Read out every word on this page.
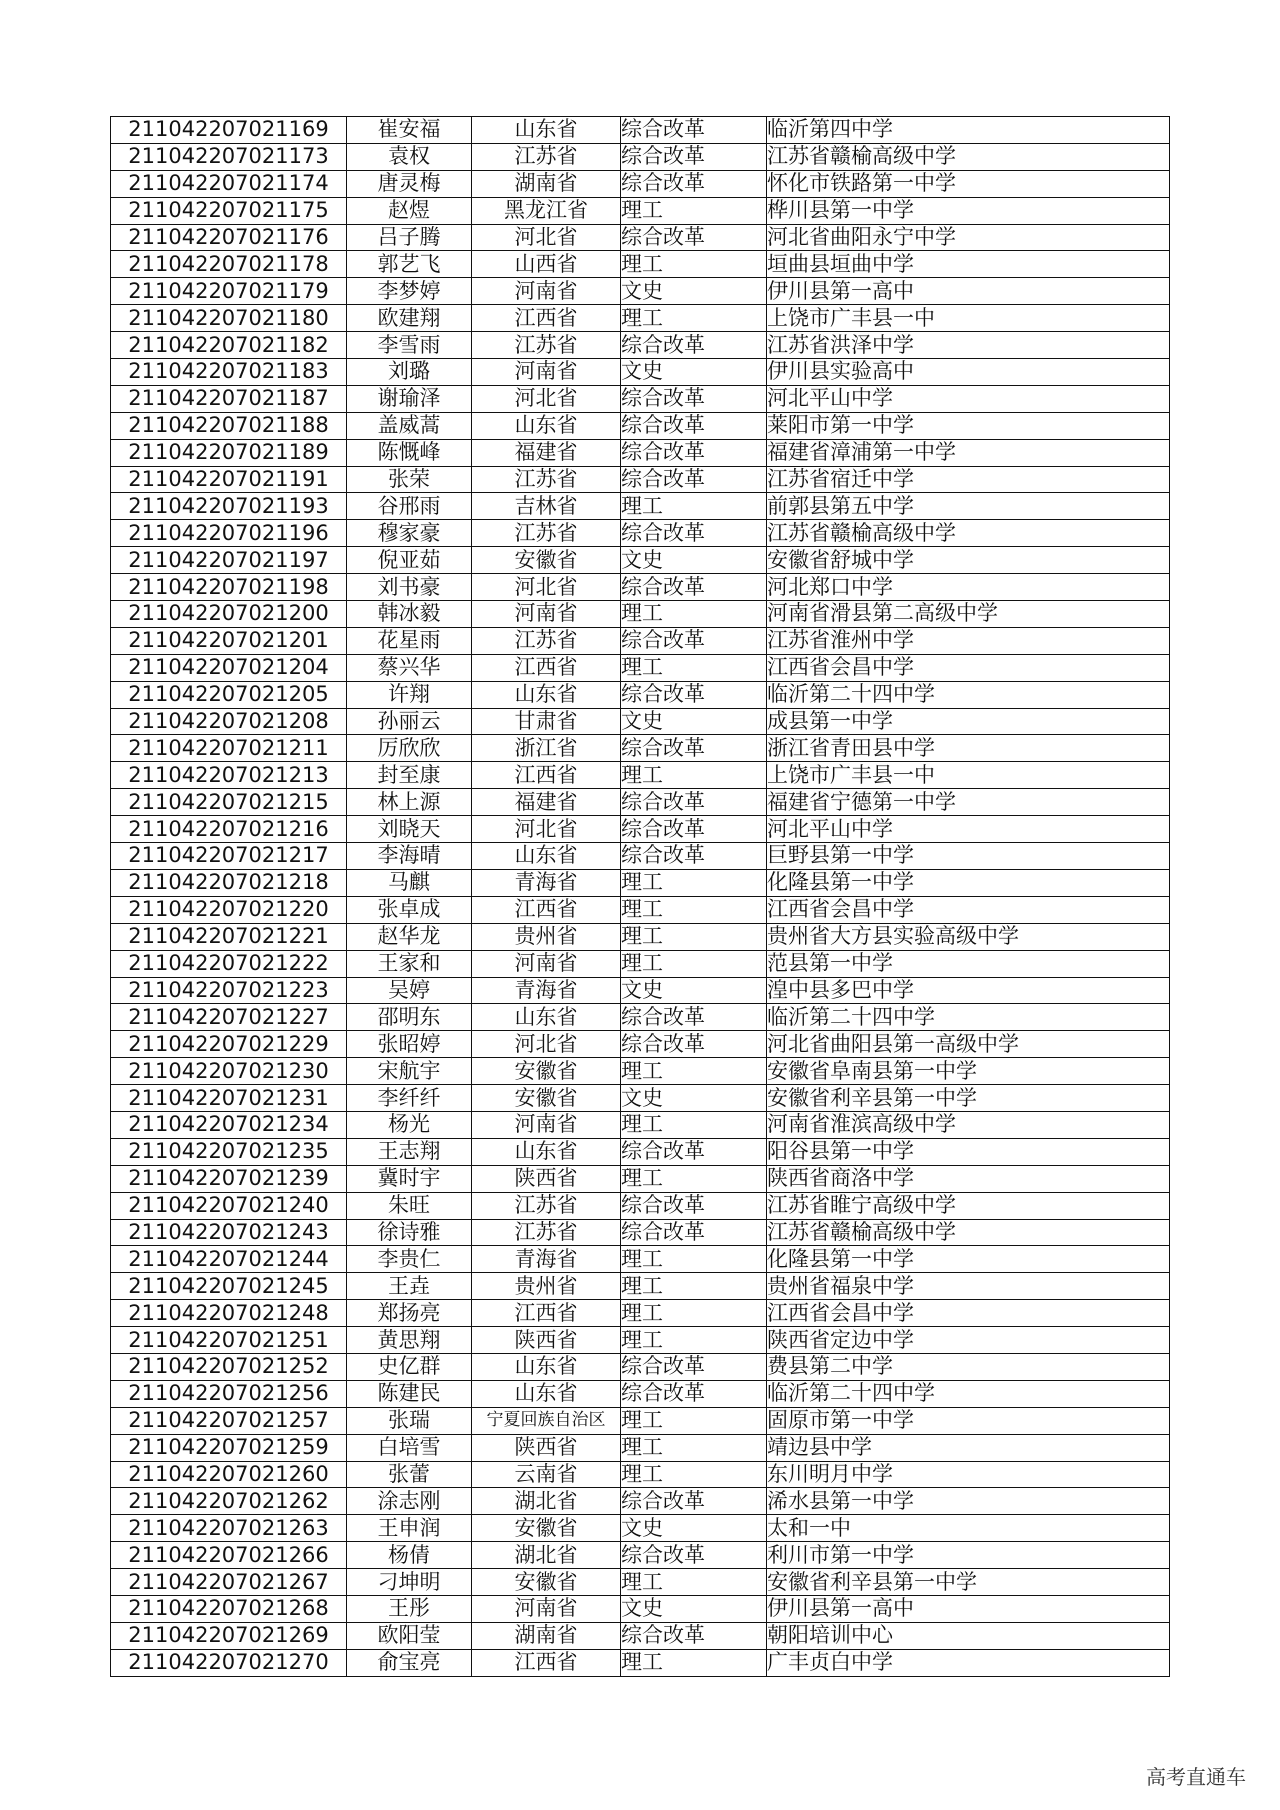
211042207021169	崔安福	山东省	综合改革	临沂第四中学
211042207021173	袁权	江苏省	综合改革	江苏省赣榆高级中学
211042207021174	唐灵梅	湖南省	综合改革	怀化市铁路第一中学
211042207021175	赵煜	黑龙江省	理工	桦川县第一中学
211042207021176	吕子腾	河北省	综合改革	河北省曲阳永宁中学
211042207021178	郭艺飞	山西省	理工	垣曲县垣曲中学
211042207021179	李梦婷	河南省	文史	伊川县第一高中
211042207021180	欧建翔	江西省	理工	上饶市广丰县一中
211042207021182	李雪雨	江苏省	综合改革	江苏省洪泽中学
211042207021183	刘璐	河南省	文史	伊川县实验高中
211042207021187	谢瑜泽	河北省	综合改革	河北平山中学
211042207021188	盖威蒿	山东省	综合改革	莱阳市第一中学
211042207021189	陈慨峰	福建省	综合改革	福建省漳浦第一中学
211042207021191	张荣	江苏省	综合改革	江苏省宿迁中学
211042207021193	谷邢雨	吉林省	理工	前郭县第五中学
211042207021196	穆家豪	江苏省	综合改革	江苏省赣榆高级中学
211042207021197	倪亚茹	安徽省	文史	安徽省舒城中学
211042207021198	刘书豪	河北省	综合改革	河北郑口中学
211042207021200	韩冰毅	河南省	理工	河南省滑县第二高级中学
211042207021201	花星雨	江苏省	综合改革	江苏省淮州中学
211042207021204	蔡兴华	江西省	理工	江西省会昌中学
211042207021205	许翔	山东省	综合改革	临沂第二十四中学
211042207021208	孙丽云	甘肃省	文史	成县第一中学
211042207021211	厉欣欣	浙江省	综合改革	浙江省青田县中学
211042207021213	封至康	江西省	理工	上饶市广丰县一中
211042207021215	林上源	福建省	综合改革	福建省宁德第一中学
211042207021216	刘晓天	河北省	综合改革	河北平山中学
211042207021217	李海晴	山东省	综合改革	巨野县第一中学
211042207021218	马麒	青海省	理工	化隆县第一中学
211042207021220	张卓成	江西省	理工	江西省会昌中学
211042207021221	赵华龙	贵州省	理工	贵州省大方县实验高级中学
211042207021222	王家和	河南省	理工	范县第一中学
211042207021223	吴婷	青海省	文史	湟中县多巴中学
211042207021227	邵明东	山东省	综合改革	临沂第二十四中学
211042207021229	张昭婷	河北省	综合改革	河北省曲阳县第一高级中学
211042207021230	宋航宇	安徽省	理工	安徽省阜南县第一中学
211042207021231	李纤纤	安徽省	文史	安徽省利辛县第一中学
211042207021234	杨光	河南省	理工	河南省淮滨高级中学
211042207021235	王志翔	山东省	综合改革	阳谷县第一中学
211042207021239	冀时宇	陕西省	理工	陕西省商洛中学
211042207021240	朱旺	江苏省	综合改革	江苏省睢宁高级中学
211042207021243	徐诗雅	江苏省	综合改革	江苏省赣榆高级中学
211042207021244	李贵仁	青海省	理工	化隆县第一中学
211042207021245	王垚	贵州省	理工	贵州省福泉中学
211042207021248	郑扬亮	江西省	理工	江西省会昌中学
211042207021251	黄思翔	陕西省	理工	陕西省定边中学
211042207021252	史亿群	山东省	综合改革	费县第二中学
211042207021256	陈建民	山东省	综合改革	临沂第二十四中学
211042207021257	张瑞	宁夏回族自治区	理工	固原市第一中学
211042207021259	白培雪	陕西省	理工	靖边县中学
211042207021260	张蕾	云南省	理工	东川明月中学
211042207021262	涂志刚	湖北省	综合改革	浠水县第一中学
211042207021263	王申润	安徽省	文史	太和一中
211042207021266	杨倩	湖北省	综合改革	利川市第一中学
211042207021267	刁坤明	安徽省	理工	安徽省利辛县第一中学
211042207021268	王彤	河南省	文史	伊川县第一高中
211042207021269	欧阳莹	湖南省	综合改革	朝阳培训中心
211042207021270	俞宝亮	江西省	理工	广丰贞白中学
高考直通车
